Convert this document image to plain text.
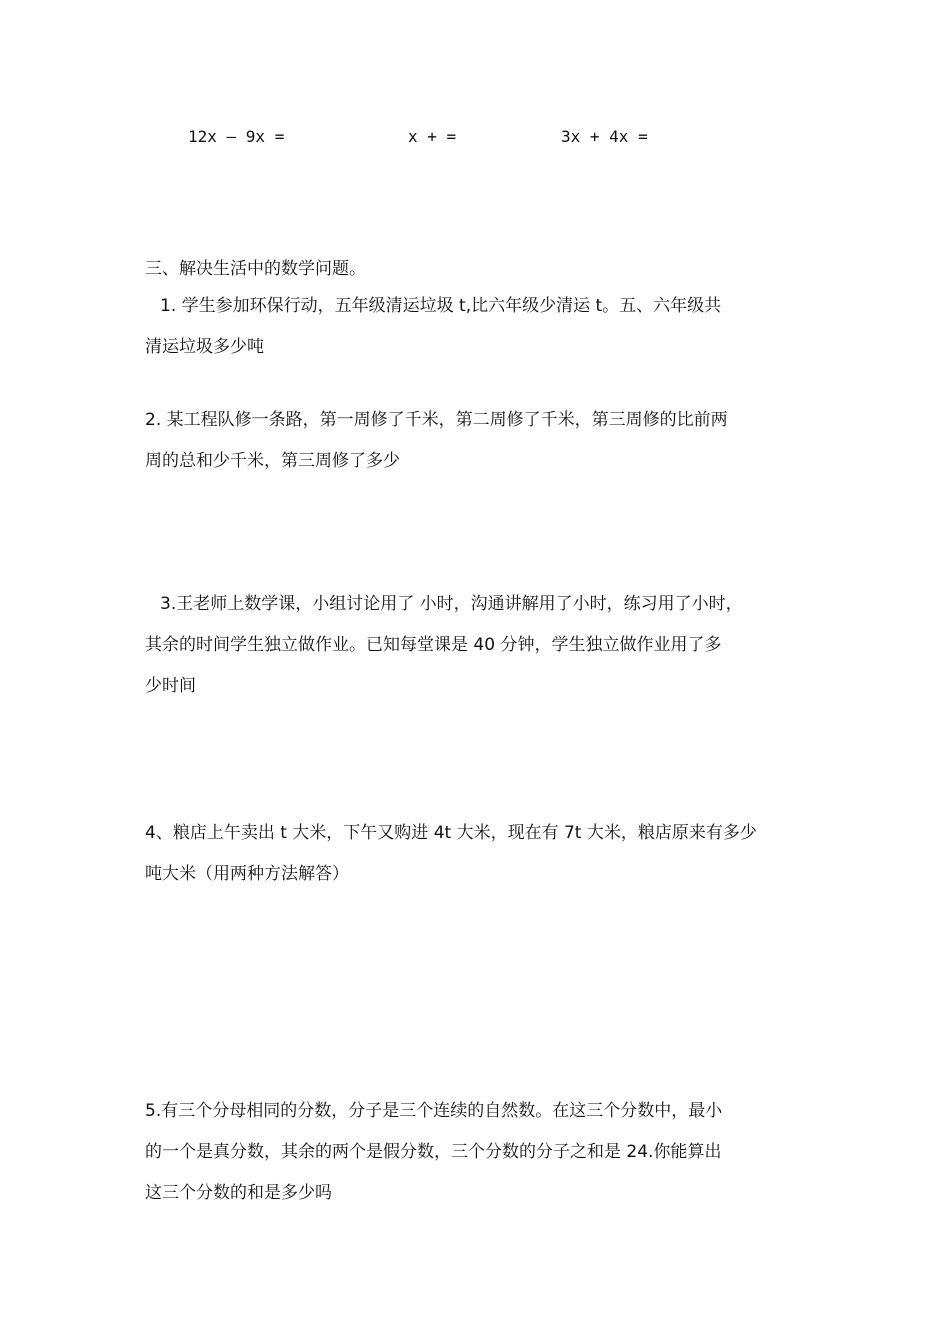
12x — 9x =	x + =	3x + 4x =
三、解决生活中的数学问题。
1. 学生参加环保行动，五年级清运垃圾 t,比六年级少清运 t。五、六年级共
清运垃圾多少吨
2. 某工程队修一条路，第一周修了千米，第二周修了千米，第三周修的比前两
周的总和少千米，第三周修了多少
3.王老师上数学课，小组讨论用了 小时，沟通讲解用了小时，练习用了小时，
其余的时间学生独立做作业。已知每堂课是 40 分钟，学生独立做作业用了多
少时间
4、粮店上午卖出 t 大米，下午又购进 4t 大米，现在有 7t 大米，粮店原来有多少
吨大米（用两种方法解答）
5.有三个分母相同的分数，分子是三个连续的自然数。在这三个分数中，最小
的一个是真分数，其余的两个是假分数，三个分数的分子之和是 24.你能算出
这三个分数的和是多少吗
